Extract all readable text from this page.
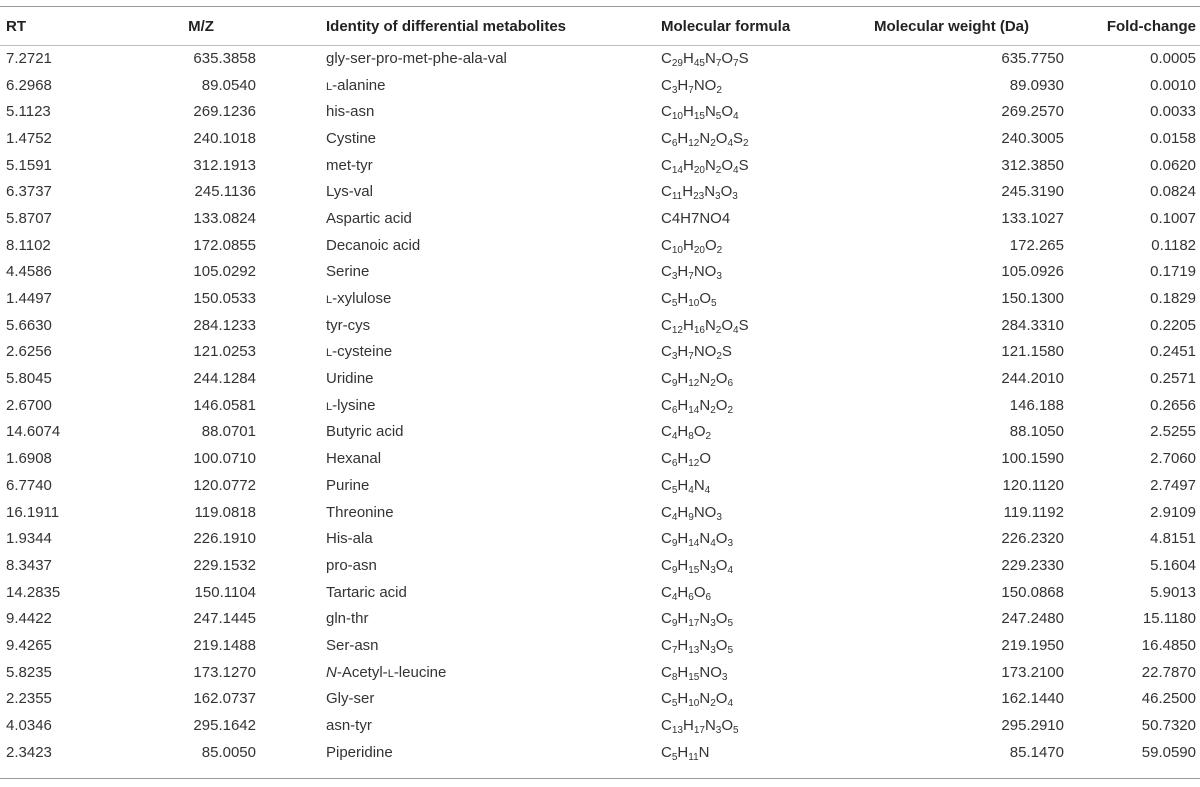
RT	M/Z	Identity of differential metabolites	Molecular formula	Molecular weight (Da)	Fold-change
7.2721	635.3858	gly-ser-pro-met-phe-ala-val	$C_{29}H_{45}N_7O_7S$	635.7750	0.0005
6.2968	89.0540	l-alanine	$C_3H_7NO_2$	89.0930	0.0010
5.1123	269.1236	his-asn	$C_{10}H_{15}N_5O_4$	269.2570	0.0033
1.4752	240.1018	Cystine	$C_6H_{12}N_2O_4S_2$	240.3005	0.0158
5.1591	312.1913	met-tyr	$C_{14}H_{20}N_2O_4S$	312.3850	0.0620
6.3737	245.1136	Lys-val	$C_{11}H_{23}N_3O_3$	245.3190	0.0824
5.8707	133.0824	Aspartic acid	C4H7NO4	133.1027	0.1007
8.1102	172.0855	Decanoic acid	$C_{10}H_{20}O_2$	172.265	0.1182
4.4586	105.0292	Serine	$C_3H_7NO_3$	105.0926	0.1719
1.4497	150.0533	l-xylulose	$C_5H_{10}O_5$	150.1300	0.1829
5.6630	284.1233	tyr-cys	$C_{12}H_{16}N_2O_4S$	284.3310	0.2205
2.6256	121.0253	l-cysteine	$C_3H_7NO_2S$	121.1580	0.2451
5.8045	244.1284	Uridine	$C_9H_{12}N_2O_6$	244.2010	0.2571
2.6700	146.0581	l-lysine	$C_6H_{14}N_2O_2$	146.188	0.2656
14.6074	88.0701	Butyric acid	$C_4H_8O_2$	88.1050	2.5255
1.6908	100.0710	Hexanal	$C_6H_{12}O$	100.1590	2.7060
6.7740	120.0772	Purine	$C_5H_4N_4$	120.1120	2.7497
16.1911	119.0818	Threonine	$C_4H_9NO_3$	119.1192	2.9109
1.9344	226.1910	His-ala	$C_9H_{14}N_4O_3$	226.2320	4.8151
8.3437	229.1532	pro-asn	$C_9H_{15}N_3O_4$	229.2330	5.1604
14.2835	150.1104	Tartaric acid	$C_4H_6O_6$	150.0868	5.9013
9.4422	247.1445	gln-thr	$C_9H_{17}N_3O_5$	247.2480	15.1180
9.4265	219.1488	Ser-asn	$C_7H_{13}N_3O_5$	219.1950	16.4850
5.8235	173.1270	N-Acetyl-l-leucine	$C_8H_{15}NO_3$	173.2100	22.7870
2.2355	162.0737	Gly-ser	$C_5H_{10}N_2O_4$	162.1440	46.2500
4.0346	295.1642	asn-tyr	$C_{13}H_{17}N_3O_5$	295.2910	50.7320
2.3423	85.0050	Piperidine	$C_5H_{11}N$	85.1470	59.0590
